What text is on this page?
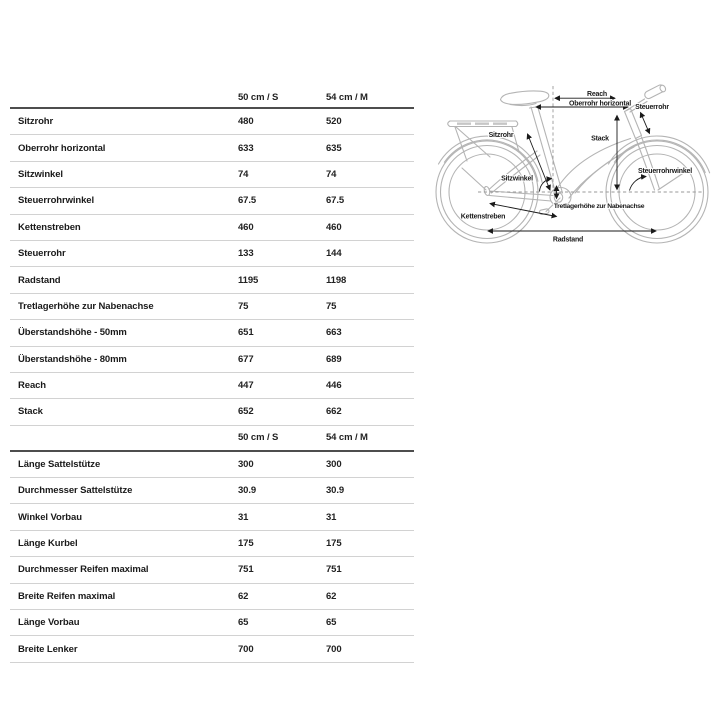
50 cm / S	54 cm / M
Sitzrohr	480	520
Oberrohr horizontal	633	635
Sitzwinkel	74	74
Steuerrohrwinkel	67.5	67.5
Kettenstreben	460	460
Steuerrohr	133	144
Radstand	1195	1198
Tretlagerhöhe zur Nabenachse	75	75
Überstandshöhe - 50mm	651	663
Überstandshöhe - 80mm	677	689
Reach	447	446
Stack	652	662
50 cm / S	54 cm / M
Länge Sattelstütze	300	300
Durchmesser Sattelstütze	30.9	30.9
Winkel Vorbau	31	31
Länge Kurbel	175	175
Durchmesser Reifen maximal	751	751
Breite Reifen maximal	62	62
Länge Vorbau	65	65
Breite Lenker	700	700
Reach
Oberrohr horizontal Steuerrohr
Sitzrohr	Stack
Steuerrohrwinkel
Sitzwinkel
Tretlagerhöhe zur Nabenachse
Kettenstreben
Radstand
